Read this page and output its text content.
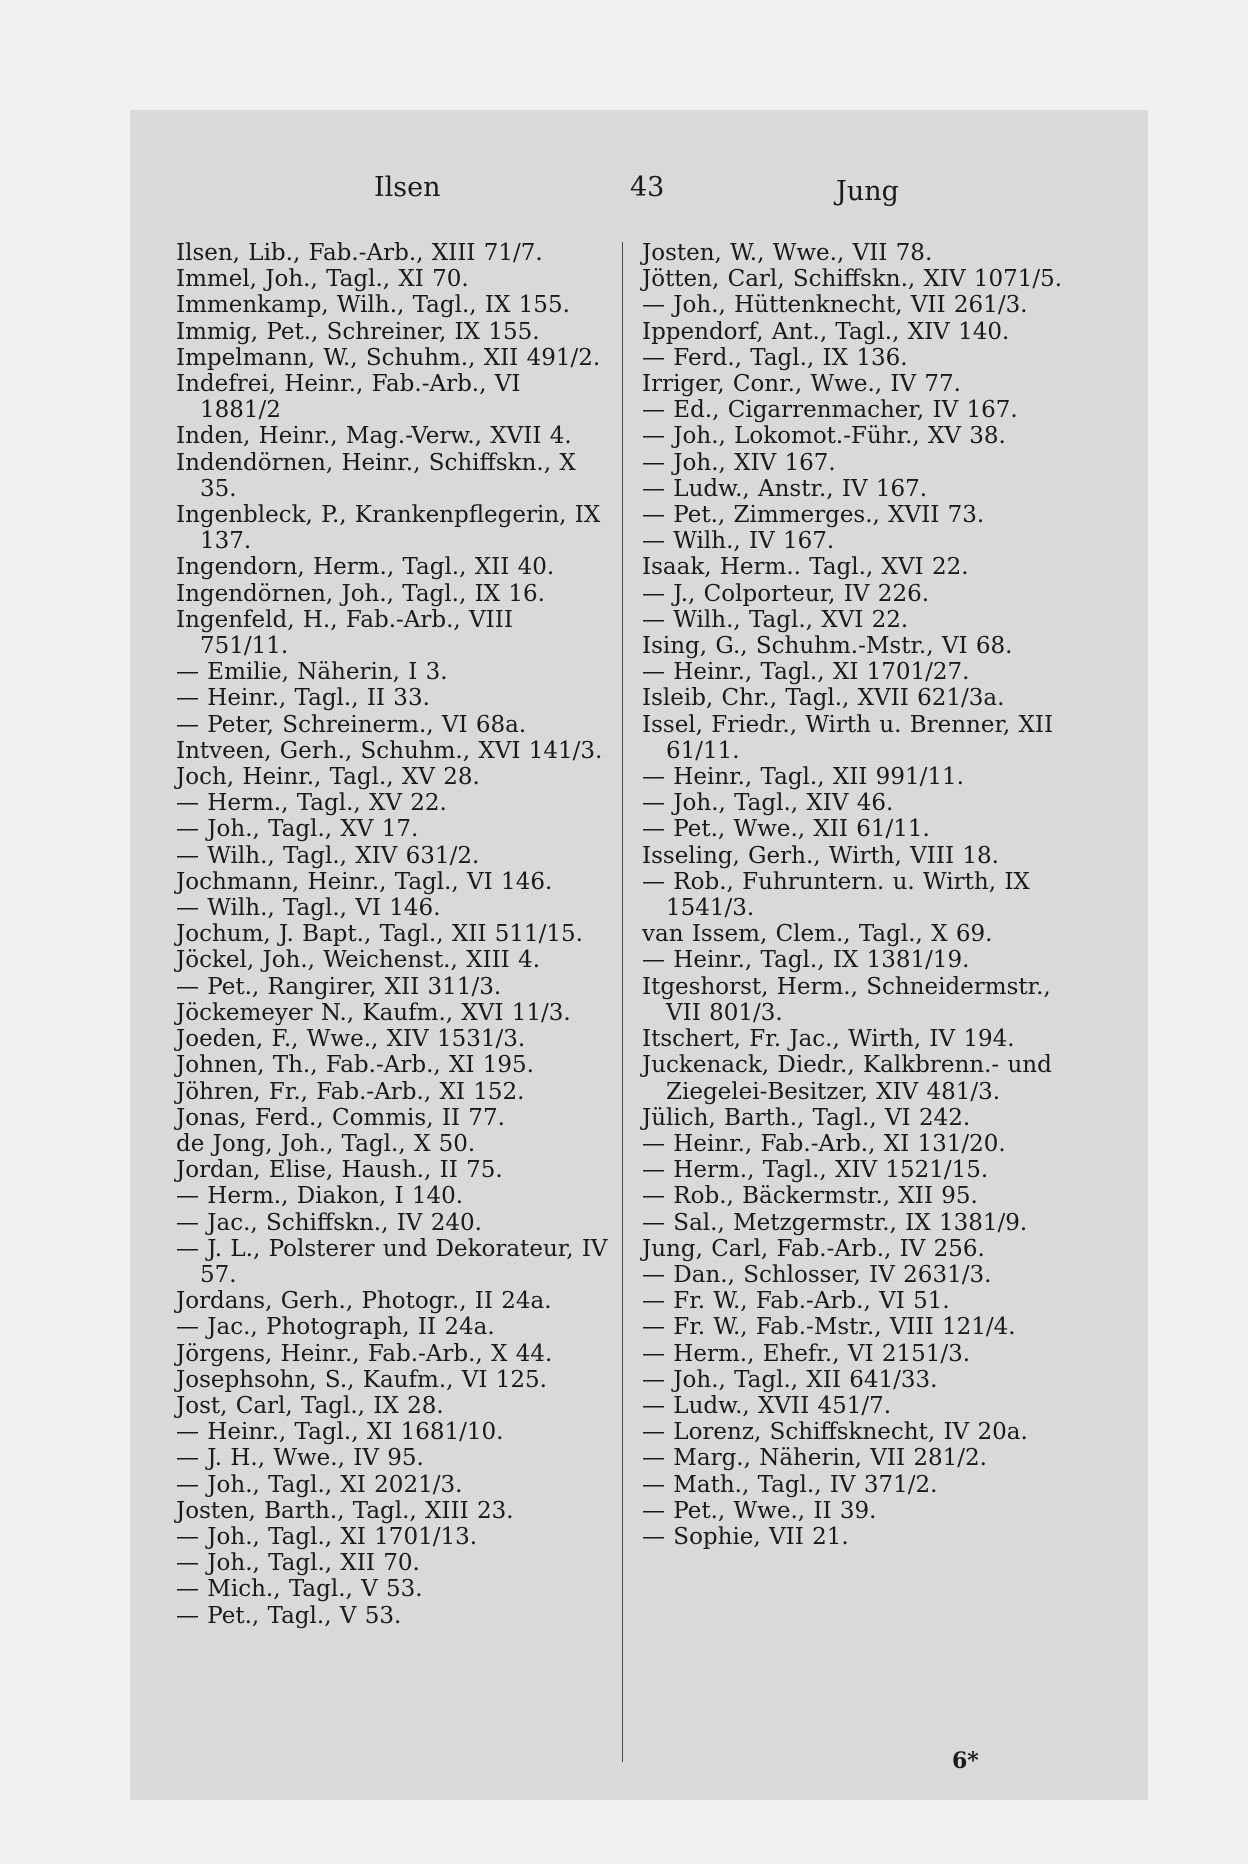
Ilsen	43	Jung
Ilsen, Lib., Fab.-Arb., XIII 71/7.
Immel, Joh., Tagl., XI 70.
Immenkamp, Wilh., Tagl., IX 155.
Immig, Pet., Schreiner, IX 155.
Impelmann, W., Schuhm., XII 491/2.
Indefrei, Heinr., Fab.-Arb., VI 1881/2
Inden, Heinr., Mag.-Verw., XVII 4.
Indendörnen, Heinr., Schiffskn., X 35.
Ingenbleck, P., Krankenpflegerin, IX 137.
Ingendorn, Herm., Tagl., XII 40.
Ingendörnen, Joh., Tagl., IX 16.
Ingenfeld, H., Fab.-Arb., VIII 751/11.
— Emilie, Näherin, I 3.
— Heinr., Tagl., II 33.
— Peter, Schreinerm., VI 68a.
Intveen, Gerh., Schuhm., XVI 141/3.
Joch, Heinr., Tagl., XV 28.
— Herm., Tagl., XV 22.
— Joh., Tagl., XV 17.
— Wilh., Tagl., XIV 631/2.
Jochmann, Heinr., Tagl., VI 146.
— Wilh., Tagl., VI 146.
Jochum, J. Bapt., Tagl., XII 511/15.
Jöckel, Joh., Weichenst., XIII 4.
— Pet., Rangirer, XII 311/3.
Jöckemeyer N., Kaufm., XVI 11/3.
Joeden, F., Wwe., XIV 1531/3.
Johnen, Th., Fab.-Arb., XI 195.
Jöhren, Fr., Fab.-Arb., XI 152.
Jonas, Ferd., Commis, II 77.
de Jong, Joh., Tagl., X 50.
Jordan, Elise, Haush., II 75.
— Herm., Diakon, I 140.
— Jac., Schiffskn., IV 240.
— J. L., Polsterer und Dekorateur, IV 57.
Jordans, Gerh., Photogr., II 24a.
— Jac., Photograph, II 24a.
Jörgens, Heinr., Fab.-Arb., X 44.
Josephsohn, S., Kaufm., VI 125.
Jost, Carl, Tagl., IX 28.
— Heinr., Tagl., XI 1681/10.
— J. H., Wwe., IV 95.
— Joh., Tagl., XI 2021/3.
Josten, Barth., Tagl., XIII 23.
— Joh., Tagl., XI 1701/13.
— Joh., Tagl., XII 70.
— Mich., Tagl., V 53.
— Pet., Tagl., V 53.
Josten, W., Wwe., VII 78.
Jötten, Carl, Schiffskn., XIV 1071/5.
— Joh., Hüttenknecht, VII 261/3.
Ippendorf, Ant., Tagl., XIV 140.
— Ferd., Tagl., IX 136.
Irriger, Conr., Wwe., IV 77.
— Ed., Cigarrenmacher, IV 167.
— Joh., Lokomot.-Führ., XV 38.
— Joh., XIV 167.
— Ludw., Anstr., IV 167.
— Pet., Zimmerges., XVII 73.
— Wilh., IV 167.
Isaak, Herm.. Tagl., XVI 22.
— J., Colporteur, IV 226.
— Wilh., Tagl., XVI 22.
Ising, G., Schuhm.-Mstr., VI 68.
— Heinr., Tagl., XI 1701/27.
Isleib, Chr., Tagl., XVII 621/3a.
Issel, Friedr., Wirth u. Brenner, XII 61/11.
— Heinr., Tagl., XII 991/11.
— Joh., Tagl., XIV 46.
— Pet., Wwe., XII 61/11.
Isseling, Gerh., Wirth, VIII 18.
— Rob., Fuhruntern. u. Wirth, IX 1541/3.
van Issem, Clem., Tagl., X 69.
— Heinr., Tagl., IX 1381/19.
Itgeshorst, Herm., Schneidermstr., VII 801/3.
Itschert, Fr. Jac., Wirth, IV 194.
Juckenack, Diedr., Kalkbrenn.- und Ziegelei-Besitzer, XIV 481/3.
Jülich, Barth., Tagl., VI 242.
— Heinr., Fab.-Arb., XI 131/20.
— Herm., Tagl., XIV 1521/15.
— Rob., Bäckermstr., XII 95.
— Sal., Metzgermstr., IX 1381/9.
Jung, Carl, Fab.-Arb., IV 256.
— Dan., Schlosser, IV 2631/3.
— Fr. W., Fab.-Arb., VI 51.
— Fr. W., Fab.-Mstr., VIII 121/4.
— Herm., Ehefr., VI 2151/3.
— Joh., Tagl., XII 641/33.
— Ludw., XVII 451/7.
— Lorenz, Schiffsknecht, IV 20a.
— Marg., Näherin, VII 281/2.
— Math., Tagl., IV 371/2.
— Pet., Wwe., II 39.
— Sophie, VII 21.
6*
